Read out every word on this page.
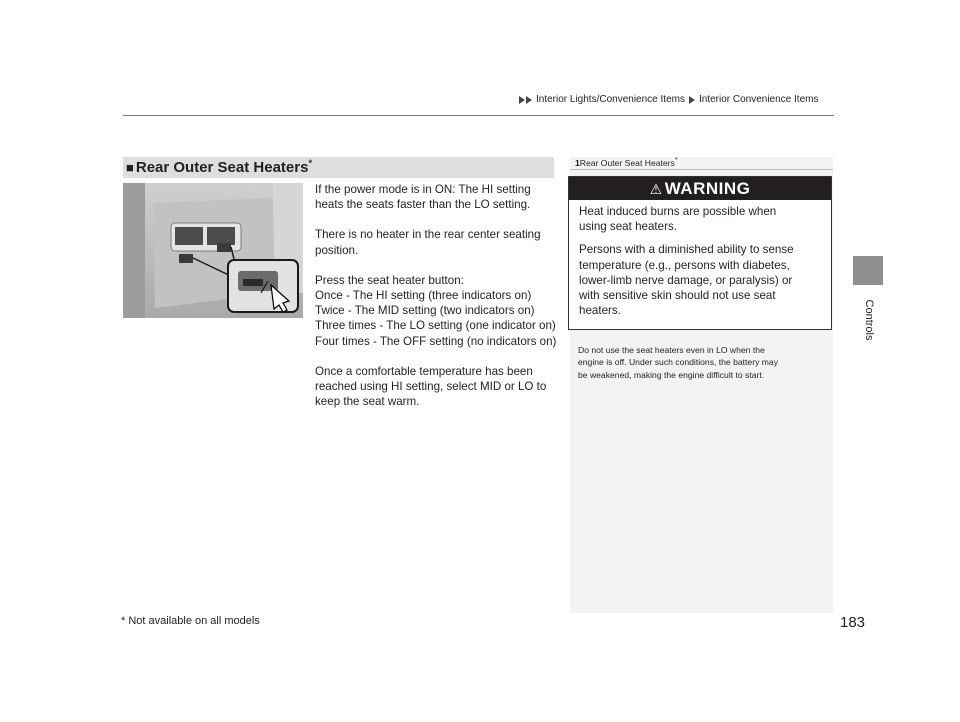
Interior Lights/Convenience Items Interior Convenience Items
Controls
■ Rear Outer Seat Heaters*

If the power mode is in ON: The HI setting
heats the seats faster than the LO setting.

There is no heater in the rear center seating
position.

Press the seat heater button:
Once - The HI setting (three indicators on)
Twice - The MID setting (two indicators on)
Three times - The LO setting (one indicator on)
Four times - The OFF setting (no indicators on)

Once a comfortable temperature has been
reached using HI setting, select MID or LO to
keep the seat warm.

1Rear Outer Seat Heaters*
⚠ WARNING

Heat induced burns are possible when
using seat heaters.

Persons with a diminished ability to sense
temperature (e.g., persons with diabetes,
lower-limb nerve damage, or paralysis) or
with sensitive skin should not use seat
heaters.

Do not use the seat heaters even in LO when the
engine is off. Under such conditions, the battery may
be weakened, making the engine difficult to start.
* Not available on all models	183
